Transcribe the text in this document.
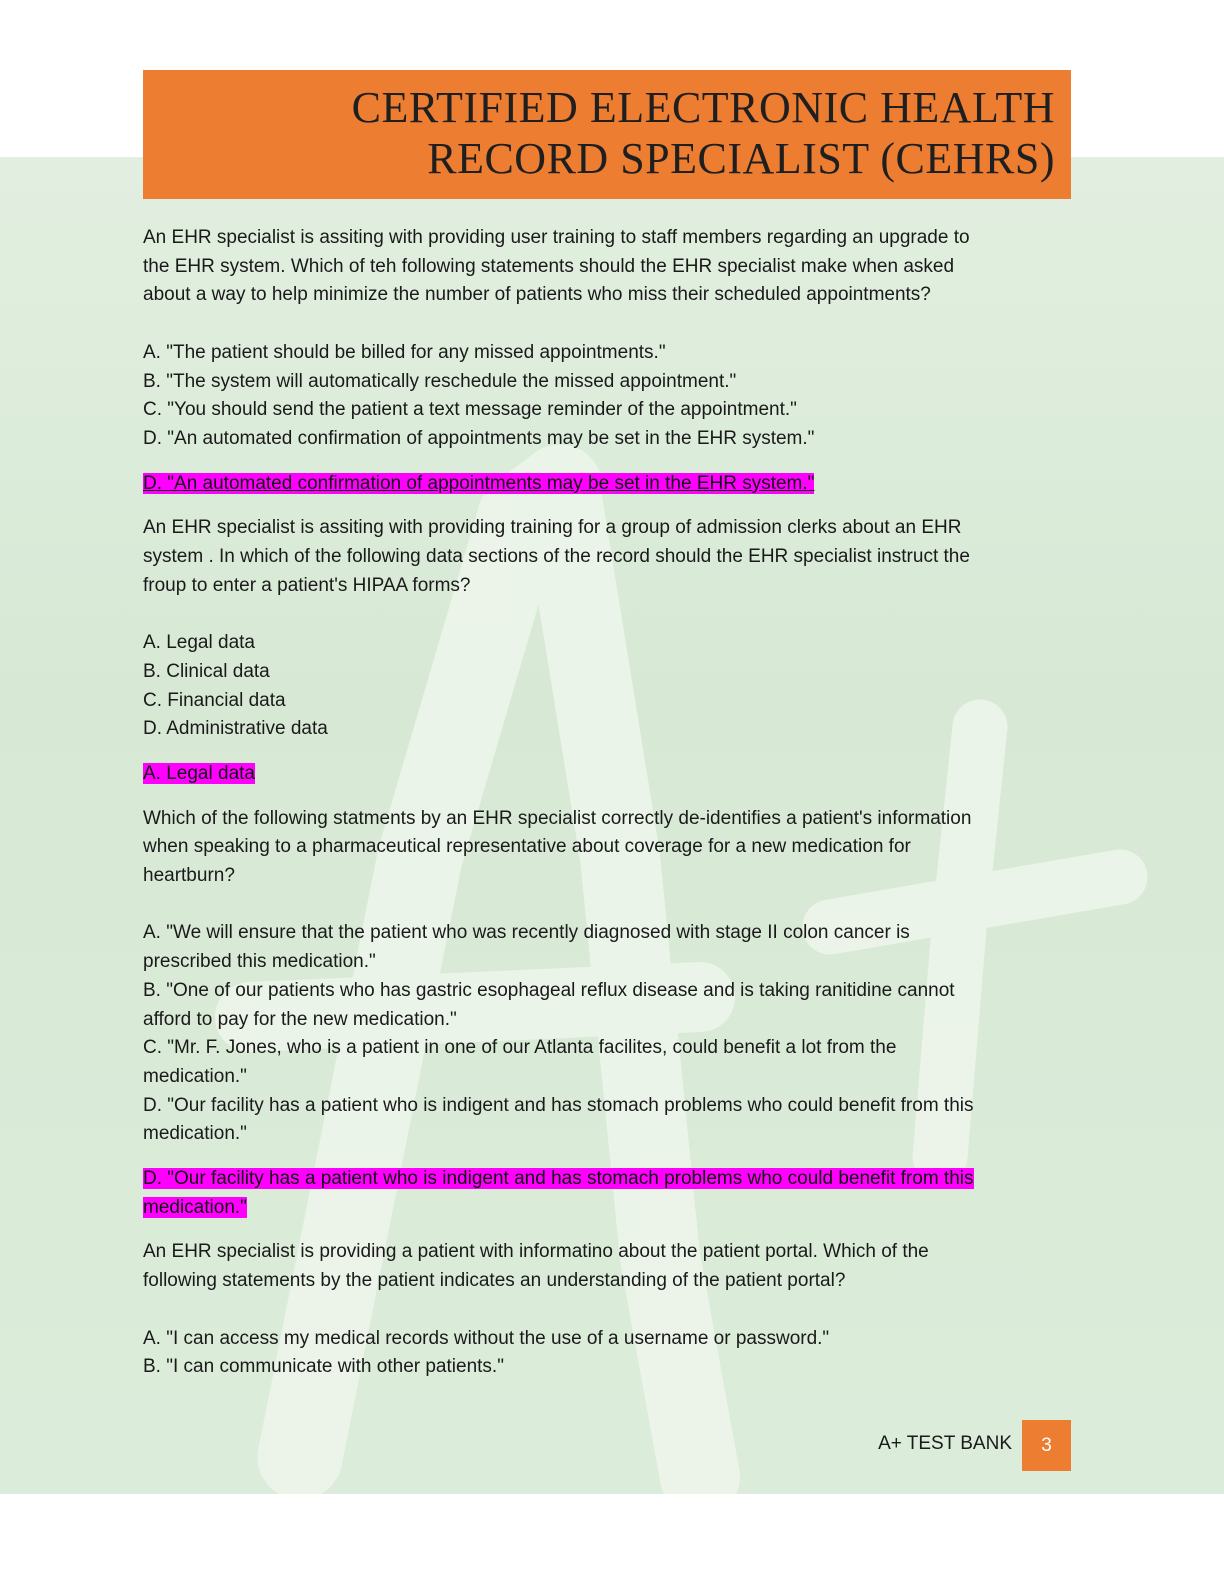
CERTIFIED ELECTRONIC HEALTH
RECORD SPECIALIST (CEHRS)

An EHR specialist is assiting with providing user training to staff members regarding an upgrade to
the EHR system. Which of teh following statements should the EHR specialist make when asked
about a way to help minimize the number of patients who miss their scheduled appointments?

A. "The patient should be billed for any missed appointments."

B. "The system will automatically reschedule the missed appointment."

C. "You should send the patient a text message reminder of the appointment."

D. "An automated confirmation of appointments may be set in the EHR system."

D. "An automated confirmation of appointments may be set in the EHR system."

An EHR specialist is assiting with providing training for a group of admission clerks about an EHR
system . In which of the following data sections of the record should the EHR specialist instruct the
froup to enter a patient's HIPAA forms?

A. Legal data

B. Clinical data

C. Financial data

D. Administrative data

A. Legal data

Which of the following statments by an EHR specialist correctly de-identifies a patient's information
when speaking to a pharmaceutical representative about coverage for a new medication for
heartburn?

A. "We will ensure that the patient who was recently diagnosed with stage II colon cancer is
prescribed this medication."

B. "One of our patients who has gastric esophageal reflux disease and is taking ranitidine cannot
afford to pay for the new medication."

C. "Mr. F. Jones, who is a patient in one of our Atlanta facilites, could benefit a lot from the
medication."

D. "Our facility has a patient who is indigent and has stomach problems who could benefit from this
medication."

D. "Our facility has a patient who is indigent and has stomach problems who could benefit from this
medication."

An EHR specialist is providing a patient with informatino about the patient portal. Which of the
following statements by the patient indicates an understanding of the patient portal?

A. "I can access my medical records without the use of a username or password."

B. "I can communicate with other patients."

A+ TEST BANK	3
